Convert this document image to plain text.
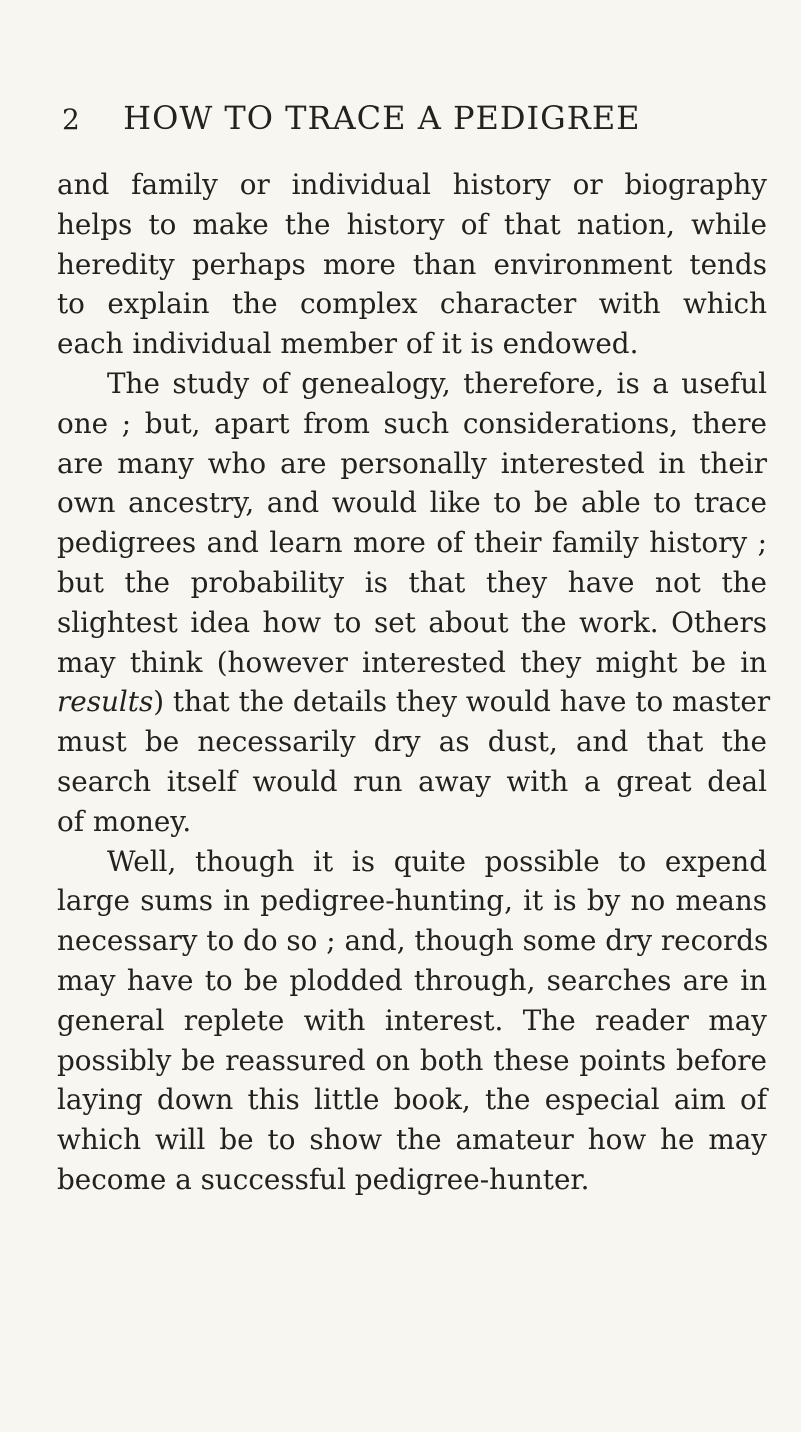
2 HOW TO TRACE A PEDIGREE

and family or individual history or biography
helps to make the history of that nation, while
heredity perhaps more than environment tends
to explain the complex character with which
each individual member of it is endowed.

The study of genealogy, therefore, is a useful
one ; but, apart from such considerations, there
are many who are personally interested in their
own ancestry, and would like to be able to trace
pedigrees and learn more of their family history ;
but the probability is that they have not the
slightest idea how to set about the work. Others
may think (however interested they might be in
results) that the details they would have to master
must be necessarily dry as dust, and that the
search itself would run away with a great deal
of money.

Well, though it is quite possible to expend
large sums in pedigree-hunting, it is by no means
necessary to do so ; and, though some dry records
may have to be plodded through, searches are in
general replete with interest. The reader may
possibly be reassured on both these points before
laying down this little book, the especial aim of
which will be to show the amateur how he may
become a successful pedigree-hunter.
